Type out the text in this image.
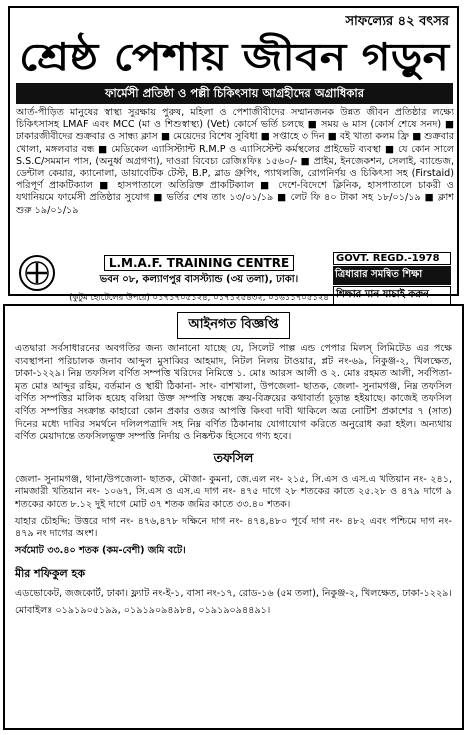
সাফল্যের ৪২ বৎসর
শ্রেষ্ঠ পেশায় জীবন গড়ুন
ফার্মেসী প্রতিষ্ঠা ও পল্লী চিকিৎসায় আগ্রহীদের অগ্রাধিকার
আর্ত-পীড়িত মানুষের স্বাস্থ্য সুরক্ষায় পুরুষ, মহিলা ও পেশাজীবীদের সম্মানজনক উন্নত জীবন প্রতিষ্ঠার লক্ষ্যে চিকিৎসাসহ LMAF এবং MCC (মা ও শিশুস্বাস্থ্য) (Vet) কোর্সে ভর্তি চলছে ■ সময় ৬ মাস (কোর্স শেষে সনদ) ■ ঢাকারজীবীদের শুক্রবার ও সান্ধ্য ক্লাস ■ মেয়েদের বিশেষ সুবিধা ■ সপ্তাহে ৩ দিন ■ বই খাতা কলম ফ্রি ■ শুক্রবার খোলা, মঙ্গলবার বন্ধ ■ মেডিকেল এ্যাসিস্ট্যান্ট R.M.P ও এ্যাসিস্টেন্ট কর্মস্থলের প্রাইভেট ব্যবস্থা ■ যে কোন সালে S.S.C/সমমান পাস, (অনুর্ধ্ব অগ্রগণ্য), দাওরা বিবেচ্য রেজিঃফিঃ ১৫৬০/- ■ প্রাইম, ইনজেকশন, সেলাই, ব্যান্ডেজ, ডেন্টাল কেয়ার, ক্যানোলা, ডায়াবেটিক টেস্ট, B.P, ব্লাড গ্রুপিং, প্যাথলজি, রোগনির্ণয় ও চিকিৎসা সহ (Firstaid) পরিপূর্ণ প্রাকটিক্যাল ■ হাসপাতালে অতিরিক্ত প্রাকটিক্যাল ■ দেশে-বিদেশে ক্লিনিক, হাসপাতালে চাকরী ও যথানিয়মে ফার্মেসী প্রতিষ্ঠার সুযোগ ■ ভর্তির শেষ তাং ১৩/০১/১৯ ■ লেট ফি ৪০ টাকা সহ ১৮/০১/১৯ ■ ক্লাশ শুরু ১৯/০১/১৯
L.M.A.F. TRAINING CENTRE
ভবন ০৮, কল্যাণপুর বাসস্ট্যান্ড (৩য় তলা), ঢাকা।
(কুটুম হোটেলের উপরে) ০১৭১৭০৫১২৪, ০১৭১২৫৪৩২, ০১৬১১৭০৫১২৪
GOVT. REGD.-1978
ত্রিধারার সমন্বিত শিক্ষা
শিক্ষার মান যাচাই করুন
আইনগত বিজ্ঞপ্তি
এতদ্বারা সর্বসাধারনের অবগতির জন্য জানানো যাচ্ছে যে, সিলেট পাল্প এন্ড পেপার মিলস্ লিমিটেড এর পক্ষে ব্যবস্থাপনা পরিচালক জনাব আব্দুল মুসাব্বির আহমাদ, নিটল নিলয় টাওয়ার, প্লট নং-৬৯, নিকুঞ্জ-২, খিলক্ষেত, ঢাকা-১২২৯। নিম্ন তফসিল বর্ণিত সম্পত্তি খরিদের নিমিত্তে ১. মোঃ আরস আলী ও ২. মোঃ রহমত আলী, সর্বপিতা-মৃত মোঃ আব্দুর রহিম, বর্তমান ও স্থায়ী ঠিকানা- সাং- বাশখালা, উপজেলা- ছাতক, জেলা- সুনামগঞ্জ, নিম্ন তফসিল বর্ণিত সম্পত্তির মালিক হয়েহ বলিয়া উক্ত সম্পত্তি সম্বন্ধে ক্রয়-বিক্রয়ের কথাবার্তা চূড়ান্ত হইয়াছে। কাজেই তফসিল বর্ণিত সম্পত্তির সংক্রান্ত কাহারো কোন প্রকার ওজর আপত্তি কিংবা দাবী থাকিলে অত্র নোটিশ প্রকাশের ৭ (সাত) দিনের মধ্যে দাবির সমর্থনে দলিলপত্রাদি সহ নিম্ন বর্ণিত ঠিকানায় যোগাযোগ করিতে অনুরোধ করা হইল। অন্যথায় বর্ণিত মেয়াদান্তে তফসিলভুক্ত সম্পত্তি নির্দায় ও নিষ্কন্টক হিসেবে গণ্য হবে।
তফসিল
জেলা- সুনামগঞ্জ, থানা/উপজেলা- ছাতক, মৌজা- কুমনা, জে.এল নং- ২১৫, সি.এস ও এস.এ খতিয়ান নং- ২৪১, নামজারী খতিয়ান নং- ১০৬৭, সি.এস ও এস.এ দাগ নং- ৪৭৫ দাগে ২৮ শতকের কাতে ২৫.২৮ ও ৪৭৯ দাগে ৯ শতকের কাতে ৮.১২ দুই দাগে মোট ৩৭ শতক জমির কাতে ৩৩.৪০ শতক।
যাহার চৌহদ্দি: উত্তরে দাগ নং- ৪৭৬,৪৭৮ দক্ষিনে দাগ নং- ৪৭৪,৪৮০ পূর্বে দাগ নং- ৪৮২ এবং পশ্চিমে দাগ নং- ৪৭৯ নং দাগের অংশ।
সর্বমোট ৩৩.৪০ শতক (কম-বেশী) জমি বটে।
মীর শফিকুল হক
এডভোকেট, জজকোর্ট, ঢাকা। ফ্ল্যাট নং-ই-১, বাসা নং-১৭, রোড-১৬ (৫ম তলা), নিকুঞ্জ-২, খিলক্ষেত, ঢাকা-১২২৯।
মোবাইলঃ ০১৯১৯০৫১৯৯, ০১৯১৯০৯৪৯৮৪, ০১৯১৯০৯৪৪৯১।
